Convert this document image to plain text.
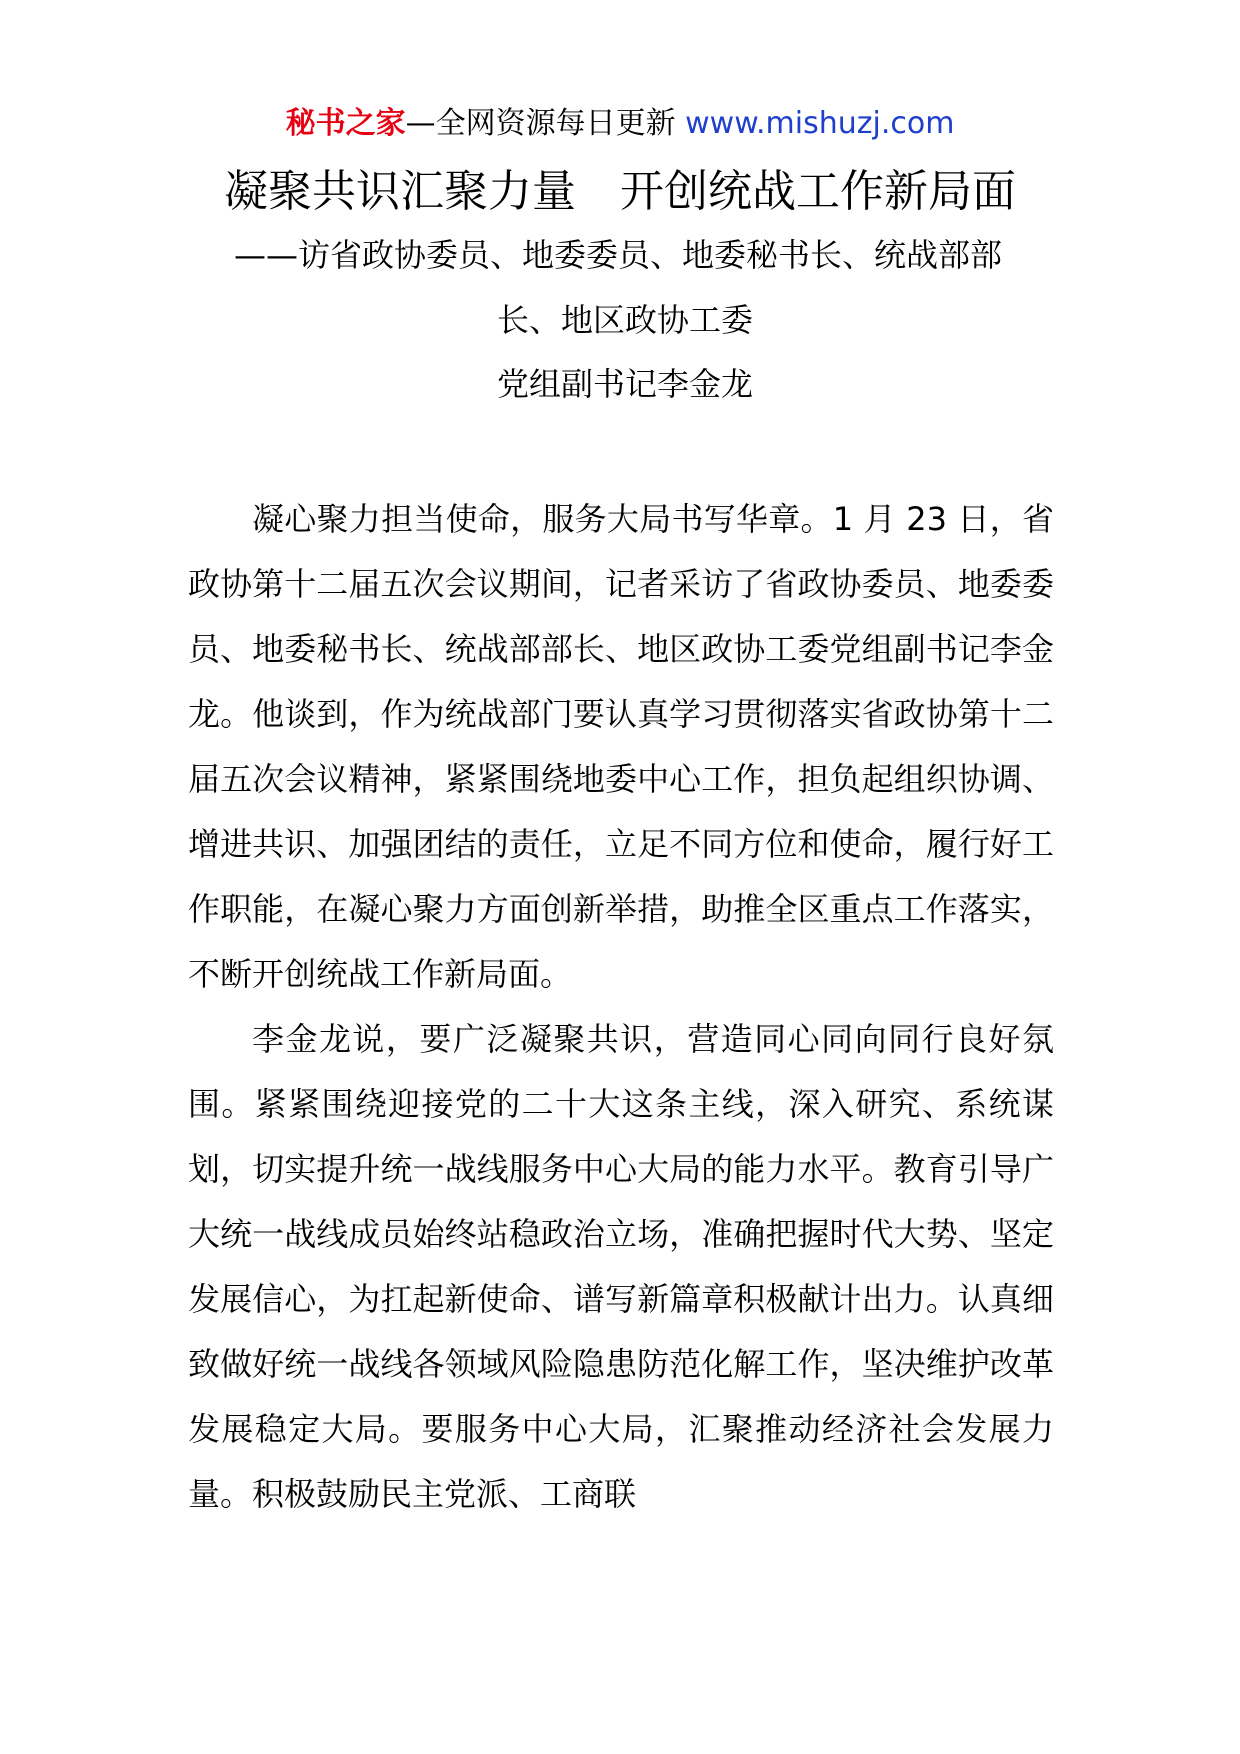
秘书之家—全网资源每日更新 www.mishuzj.com
凝聚共识汇聚力量　开创统战工作新局面
——访省政协委员、地委委员、地委秘书长、统战部部
长、地区政协工委
党组副书记李金龙

凝心聚力担当使命，服务大局书写华章。1 月 23 日，省政协第十二届五次会议期间，记者采访了省政协委员、地委委员、地委秘书长、统战部部长、地区政协工委党组副书记李金龙。他谈到，作为统战部门要认真学习贯彻落实省政协第十二届五次会议精神，紧紧围绕地委中心工作，担负起组织协调、增进共识、加强团结的责任，立足不同方位和使命，履行好工作职能，在凝心聚力方面创新举措，助推全区重点工作落实，不断开创统战工作新局面。

李金龙说，要广泛凝聚共识，营造同心同向同行良好氛围。紧紧围绕迎接党的二十大这条主线，深入研究、系统谋划，切实提升统一战线服务中心大局的能力水平。教育引导广大统一战线成员始终站稳政治立场，准确把握时代大势、坚定发展信心，为扛起新使命、谱写新篇章积极献计出力。认真细致做好统一战线各领域风险隐患防范化解工作，坚决维护改革发展稳定大局。要服务中心大局，汇聚推动经济社会发展力量。积极鼓励民主党派、工商联
